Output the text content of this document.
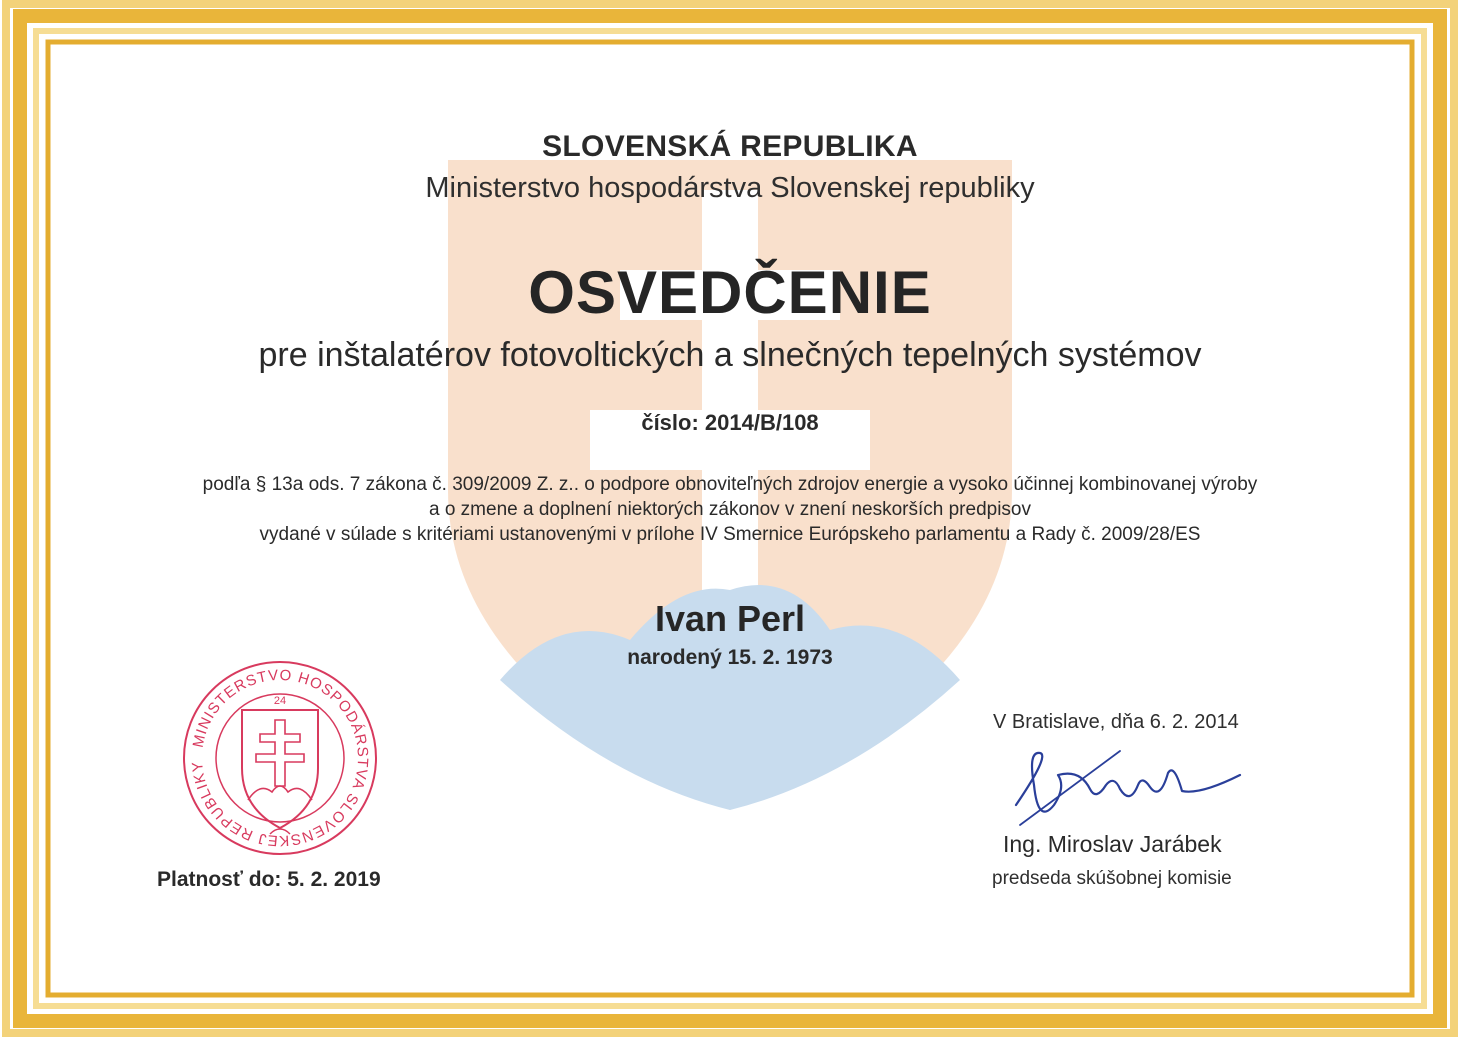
SLOVENSKÁ REPUBLIKA
Ministerstvo hospodárstva Slovenskej republiky
OSVEDČENIE
pre inštalatérov fotovoltických a slnečných tepelných systémov
číslo: 2014/B/108
podľa § 13a ods. 7 zákona č. 309/2009 Z. z.. o podpore obnoviteľných zdrojov energie a vysoko účinnej kombinovanej výroby
a o zmene a doplnení niektorých zákonov v znení neskorších predpisov
vydané v súlade s kritériami ustanovenými v prílohe IV Smernice Európskeho parlamentu a Rady č. 2009/28/ES
Ivan Perl
narodený 15. 2. 1973
MINISTERSTVO HOSPODÁRSTVA SLOVENSKEJ REPUBLIKY
24
Platnosť do: 5. 2. 2019
V Bratislave, dňa 6. 2. 2014
Ing. Miroslav Jarábek
predseda skúšobnej komisie
